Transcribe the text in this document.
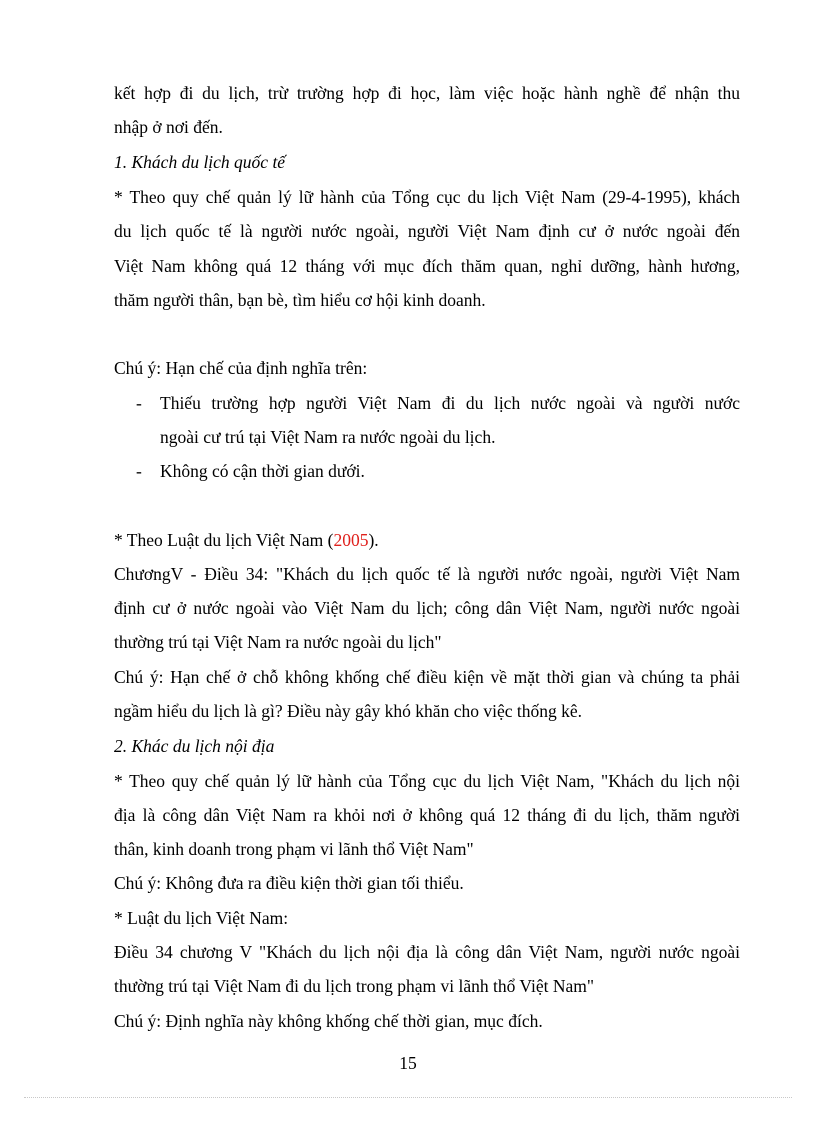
kết hợp đi du lịch, trừ trường hợp đi học, làm việc hoặc hành nghề để nhận thu
nhập ở nơi đến.
1. Khách du lịch quốc tế
* Theo quy chế quản lý lữ hành của Tổng cục du lịch Việt Nam (29-4-1995), khách
du lịch quốc tế là người nước ngoài, người Việt Nam định cư ở nước ngoài đến
Việt Nam không quá 12 tháng với mục đích thăm quan, nghỉ dưỡng, hành hương,
thăm người thân, bạn bè, tìm hiểu cơ hội kinh doanh.
Chú ý: Hạn chế của định nghĩa trên:
- Thiếu trường hợp người Việt Nam đi du lịch nước ngoài và người nước
ngoài cư trú tại Việt Nam ra nước ngoài du lịch.
- Không có cận thời gian dưới.
* Theo Luật du lịch Việt Nam (2005).
ChươngV - Điều 34: "Khách du lịch quốc tế là người nước ngoài, người Việt Nam
định cư ở nước ngoài vào Việt Nam du lịch; công dân Việt Nam, người nước ngoài
thường trú tại Việt Nam ra nước ngoài du lịch"
Chú ý: Hạn chế ở chỗ không khống chế điều kiện về mặt thời gian và chúng ta phải
ngầm hiểu du lịch là gì? Điều này gây khó khăn cho việc thống kê.
2. Khác du lịch nội địa
* Theo quy chế quản lý lữ hành của Tổng cục du lịch Việt Nam, "Khách du lịch nội
địa là công dân Việt Nam ra khỏi nơi ở không quá 12 tháng đi du lịch, thăm người
thân, kinh doanh trong phạm vi lãnh thổ Việt Nam"
Chú ý: Không đưa ra điều kiện thời gian tối thiểu.
* Luật du lịch Việt Nam:
Điều 34 chương V "Khách du lịch nội địa là công dân Việt Nam, người nước ngoài
thường trú tại Việt Nam đi du lịch trong phạm vi lãnh thổ Việt Nam"
Chú ý: Định nghĩa này không khống chế thời gian, mục đích.
15
